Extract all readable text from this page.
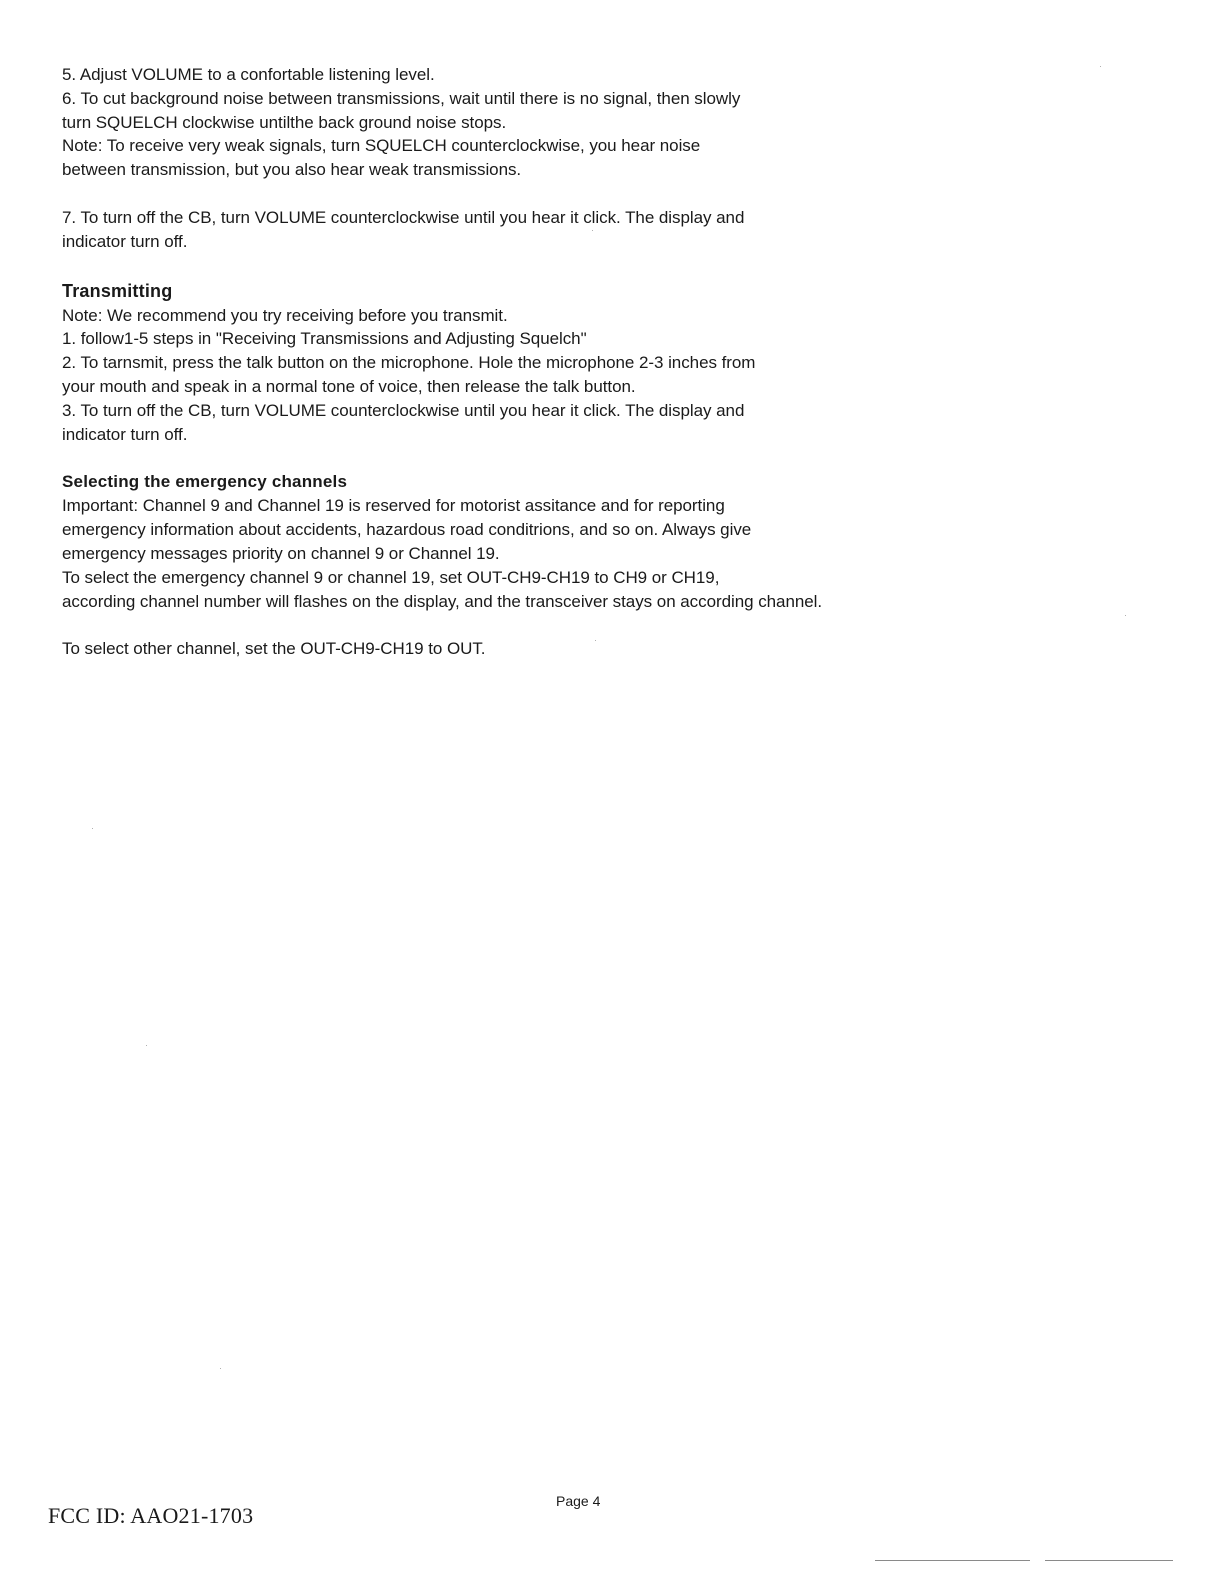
5. Adjust VOLUME to a confortable listening level.
6. To cut background noise between transmissions, wait until there is no signal, then slowly
turn SQUELCH clockwise untilthe back ground noise stops.
Note: To receive very weak signals, turn SQUELCH counterclockwise, you hear noise
between transmission, but you also hear weak transmissions.
7. To turn off the CB, turn VOLUME counterclockwise until you hear it click. The display and
indicator turn off.
Transmitting
Note: We recommend you try receiving before you transmit.
1. follow1-5 steps in "Receiving Transmissions and Adjusting Squelch"
2. To tarnsmit, press the talk button on the microphone. Hole the microphone 2-3 inches from
your mouth and speak in a normal tone of voice, then release the talk button.
3. To turn off the CB, turn VOLUME counterclockwise until you hear it click. The display and
indicator turn off.
Selecting the emergency channels
Important: Channel 9 and Channel 19 is reserved for motorist assitance and for reporting
emergency information about accidents, hazardous road conditrions, and so on. Always give
emergency messages priority on channel 9 or Channel 19.
To select the emergency channel 9 or channel 19, set OUT-CH9-CH19 to CH9 or CH19,
according channel number will flashes on the display, and the transceiver stays on according channel.
To select other channel, set the OUT-CH9-CH19 to OUT.
Page 4
FCC ID: AAO21-1703
